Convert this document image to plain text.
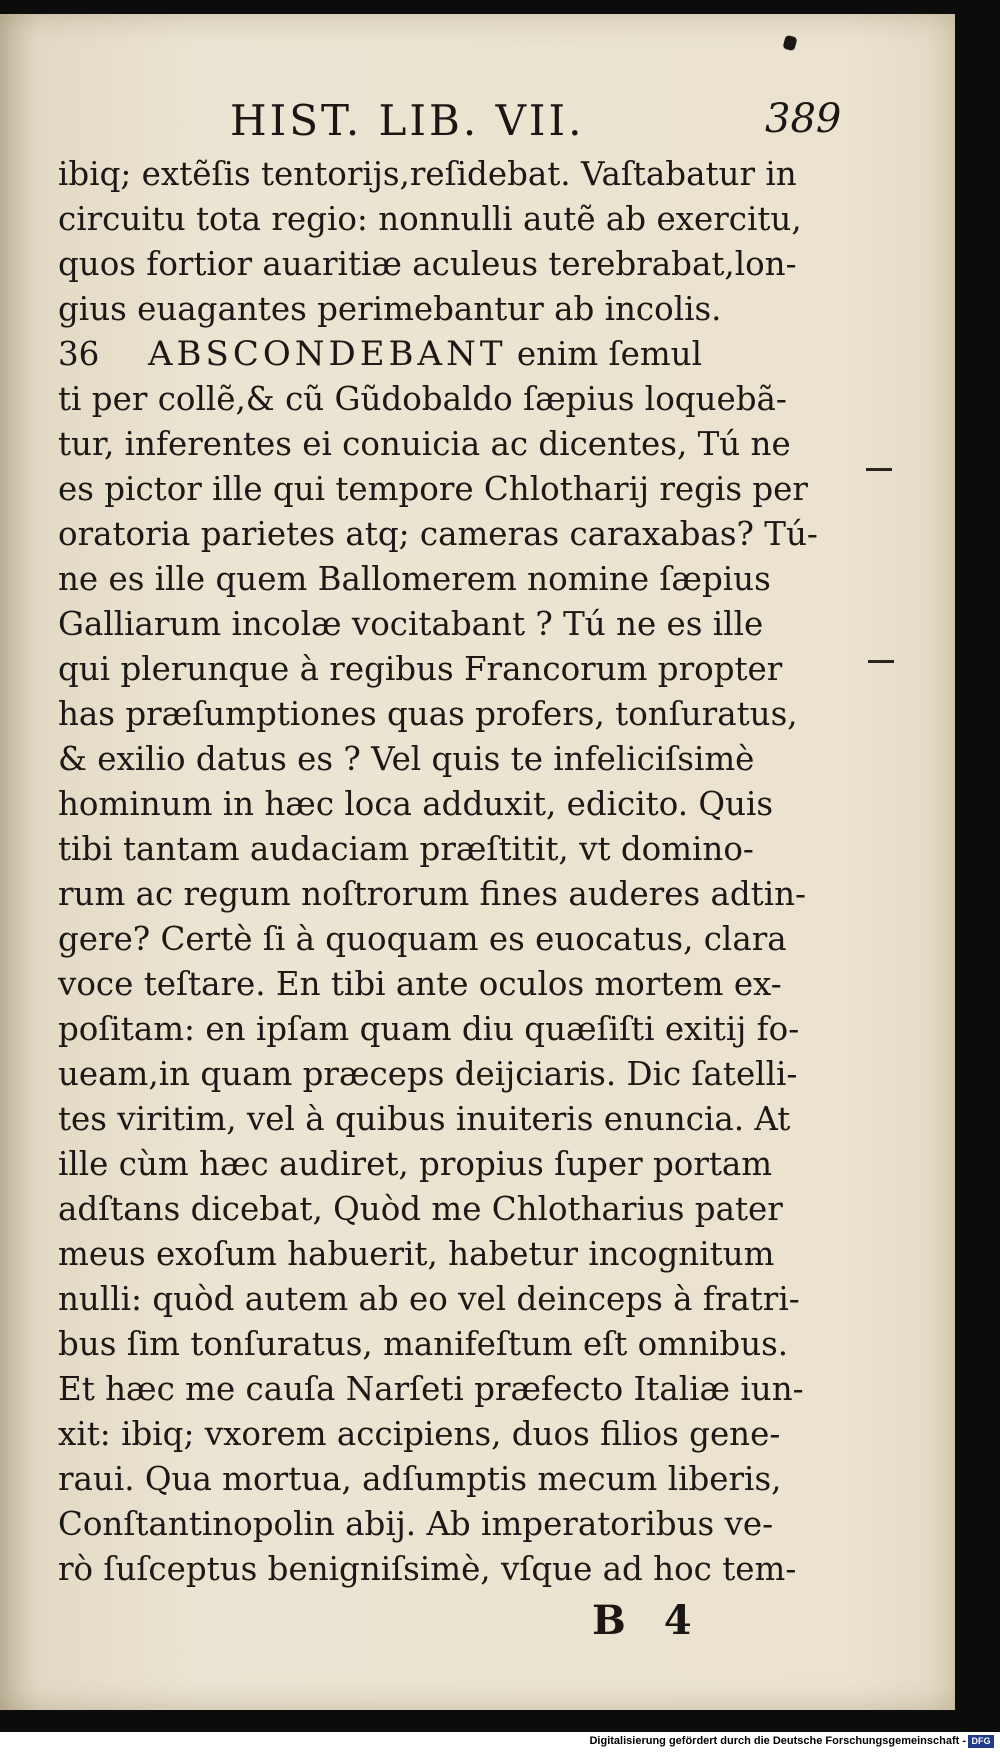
HIST. LIB. VII.	389
ibiq; extẽſis tentorijs,reſidebat. Vaſtabatur in
circuitu tota regio: nonnulli autẽ ab exercitu,
quos fortior auaritiæ aculeus terebrabat,lon-
gius euagantes perimebantur ab incolis.
36 ABSCONDEBANT enim ſemul
ti per collẽ,& cũ Gũdobaldo ſæpius loquebã-
tur, inferentes ei conuicia ac dicentes, Tú ne
es pictor ille qui tempore Chlotharij regis per
oratoria parietes atq; cameras caraxabas? Tú-
ne es ille quem Ballomerem nomine ſæpius
Galliarum incolæ vocitabant ? Tú ne es ille
qui plerunque à regibus Francorum propter
has præſumptiones quas profers, tonſuratus,
& exilio datus es ? Vel quis te infeliciſsimè
hominum in hæc loca adduxit, edicito. Quis
tibi tantam audaciam præſtitit, vt domino-
rum ac regum noſtrorum fines auderes adtin-
gere? Certè ſi à quoquam es euocatus, clara
voce teſtare. En tibi ante oculos mortem ex-
poſitam: en ipſam quam diu quæſiſti exitij fo-
ueam,in quam præceps deijciaris. Dic ſatelli-
tes viritim, vel à quibus inuiteris enuncia. At
ille cùm hæc audiret, propius ſuper portam
adſtans dicebat, Quòd me Chlotharius pater
meus exoſum habuerit, habetur incognitum
nulli: quòd autem ab eo vel deinceps à fratri-
bus ſim tonſuratus, manifeſtum eſt omnibus.
Et hæc me cauſa Narſeti præfecto Italiæ iun-
xit: ibiq; vxorem accipiens, duos filios gene-
raui. Qua mortua, adſumptis mecum liberis,
Conſtantinopolin abij. Ab imperatoribus ve-
rò ſuſceptus benigniſsimè, vſque ad hoc tem-
B 4
Digitalisierung gefördert durch die Deutsche Forschungsgemeinschaft - DFG
